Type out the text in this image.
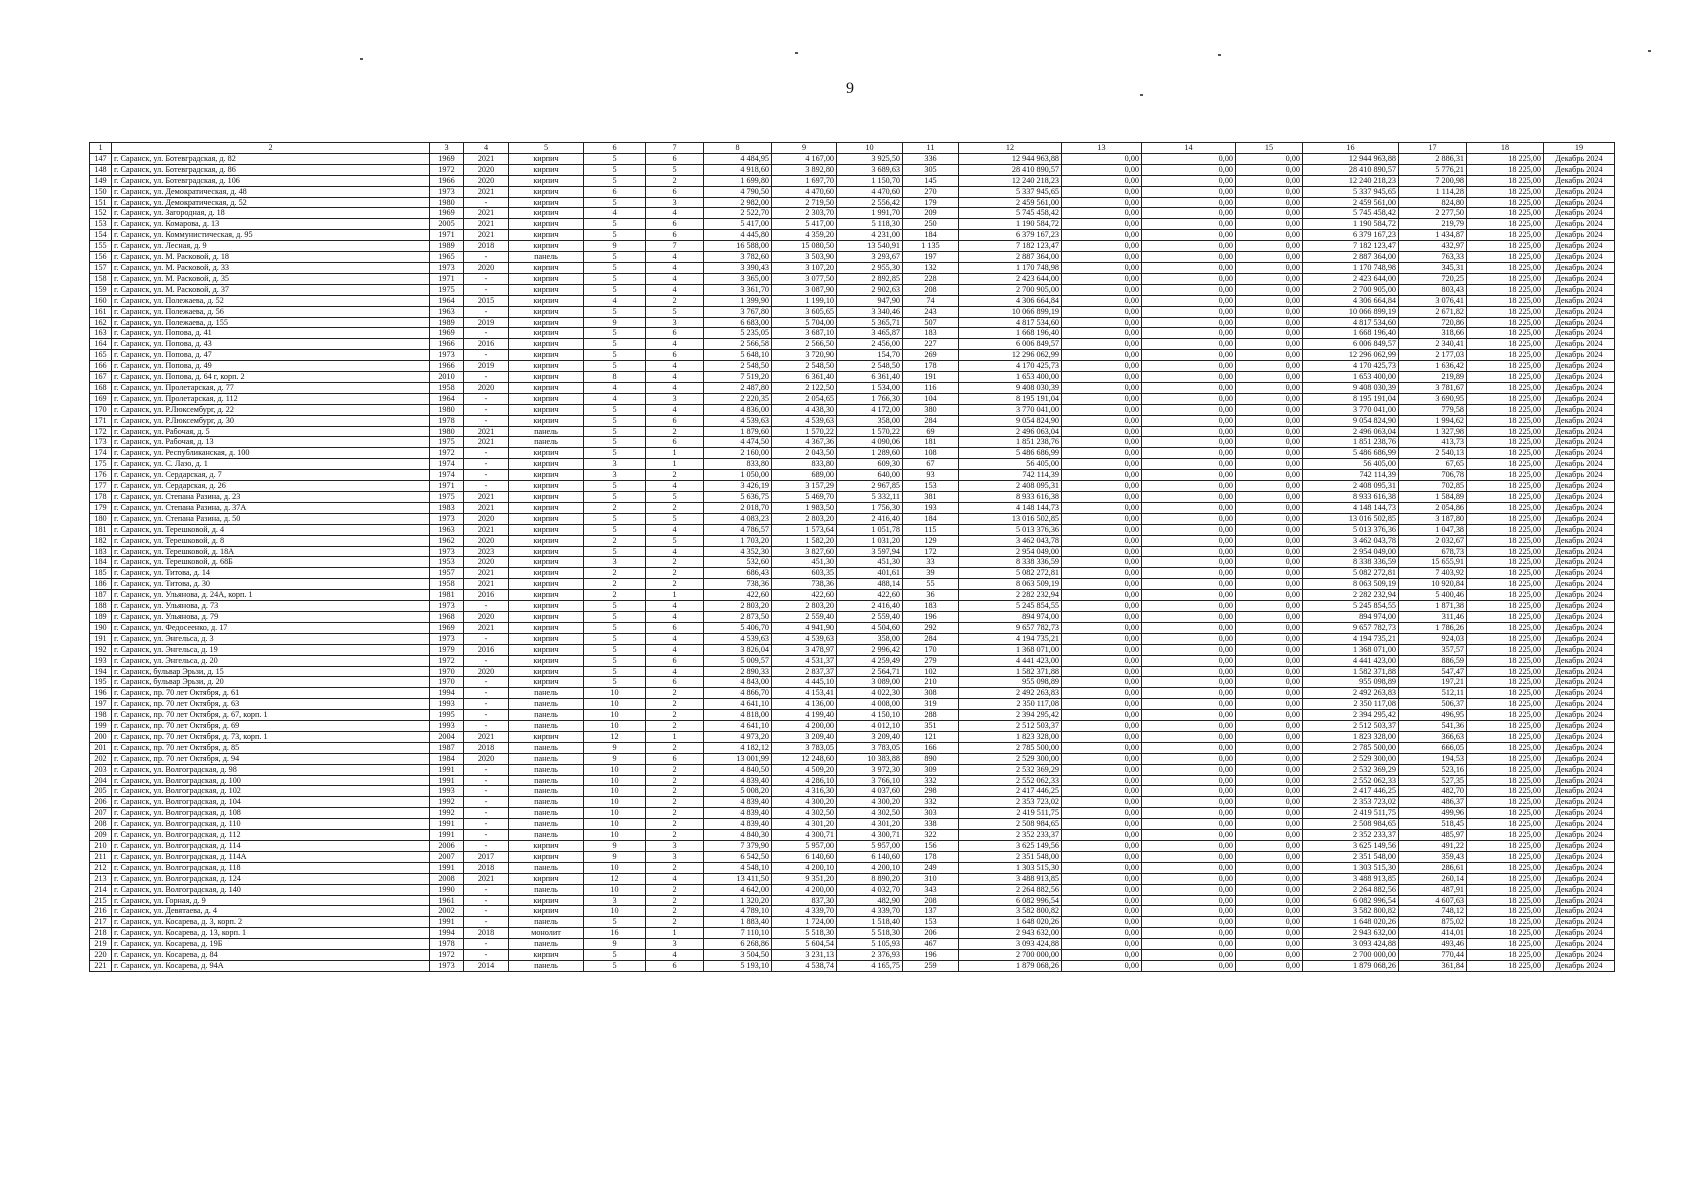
9
1	2	3	4	5	6	7	8	9	10	11	12	13	14	15	16	17	18	19
147	г. Саранск, ул. Ботевградская, д. 82	1969	2021	кирпич	5	6	4 484,95	4 167,00	3 925,50	336	12 944 963,88	0,00	0,00	0,00	12 944 963,88	2 886,31	18 225,00	Декабрь 2024
148	г. Саранск, ул. Ботевградская, д. 86	1972	2020	кирпич	5	5	4 918,60	3 892,80	3 689,63	305	28 410 890,57	0,00	0,00	0,00	28 410 890,57	5 776,21	18 225,00	Декабрь 2024
149	г. Саранск, ул. Ботевградская, д. 106	1966	2020	кирпич	5	2	1 699,80	1 697,70	1 150,70	145	12 240 218,23	0,00	0,00	0,00	12 240 218,23	7 200,98	18 225,00	Декабрь 2024
150	г. Саранск, ул. Демократическая, д. 48	1973	2021	кирпич	6	6	4 790,50	4 470,60	4 470,60	270	5 337 945,65	0,00	0,00	0,00	5 337 945,65	1 114,28	18 225,00	Декабрь 2024
151	г. Саранск, ул. Демократическая, д. 52	1980	-	кирпич	5	3	2 982,00	2 719,50	2 556,42	179	2 459 561,00	0,00	0,00	0,00	2 459 561,00	824,80	18 225,00	Декабрь 2024
152	г. Саранск, ул. Загородная, д. 18	1969	2021	кирпич	4	4	2 522,70	2 303,70	1 991,70	209	5 745 458,42	0,00	0,00	0,00	5 745 458,42	2 277,50	18 225,00	Декабрь 2024
153	г. Саранск, ул. Комарова, д. 13	2005	2021	кирпич	5	6	5 417,00	5 417,00	5 118,30	250	1 190 584,72	0,00	0,00	0,00	1 190 584,72	219,79	18 225,00	Декабрь 2024
154	г. Саранск, ул. Коммунистическая, д. 95	1971	2021	кирпич	5	6	4 445,80	4 359,20	4 231,00	184	6 379 167,23	0,00	0,00	0,00	6 379 167,23	1 434,87	18 225,00	Декабрь 2024
155	г. Саранск, ул. Лесная, д. 9	1989	2018	кирпич	9	7	16 588,00	15 080,50	13 540,91	1 135	7 182 123,47	0,00	0,00	0,00	7 182 123,47	432,97	18 225,00	Декабрь 2024
156	г. Саранск, ул. М. Расковой, д. 18	1965	-	панель	5	4	3 782,60	3 503,90	3 293,67	197	2 887 364,00	0,00	0,00	0,00	2 887 364,00	763,33	18 225,00	Декабрь 2024
157	г. Саранск, ул. М. Расковой, д. 33	1973	2020	кирпич	5	4	3 390,43	3 107,20	2 955,30	132	1 170 748,98	0,00	0,00	0,00	1 170 748,98	345,31	18 225,00	Декабрь 2024
158	г. Саранск, ул. М. Расковой, д. 35	1971	-	кирпич	5	4	3 365,00	3 077,50	2 892,85	228	2 423 644,00	0,00	0,00	0,00	2 423 644,00	720,25	18 225,00	Декабрь 2024
159	г. Саранск, ул. М. Расковой, д. 37	1975	-	кирпич	5	4	3 361,70	3 087,90	2 902,63	208	2 700 905,00	0,00	0,00	0,00	2 700 905,00	803,43	18 225,00	Декабрь 2024
160	г. Саранск, ул. Полежаева, д. 52	1964	2015	кирпич	4	2	1 399,90	1 199,10	947,90	74	4 306 664,84	0,00	0,00	0,00	4 306 664,84	3 076,41	18 225,00	Декабрь 2024
161	г. Саранск, ул. Полежаева, д. 56	1963	-	кирпич	5	5	3 767,80	3 605,65	3 340,46	243	10 066 899,19	0,00	0,00	0,00	10 066 899,19	2 671,82	18 225,00	Декабрь 2024
162	г. Саранск, ул. Полежаева, д. 155	1989	2019	кирпич	9	3	6 683,00	5 704,00	5 365,71	507	4 817 534,60	0,00	0,00	0,00	4 817 534,60	720,86	18 225,00	Декабрь 2024
163	г. Саранск, ул. Попова, д. 41	1969	-	кирпич	5	6	5 235,05	3 687,10	3 465,87	183	1 668 196,40	0,00	0,00	0,00	1 668 196,40	318,66	18 225,00	Декабрь 2024
164	г. Саранск, ул. Попова, д. 43	1966	2016	кирпич	5	4	2 566,58	2 566,50	2 456,00	227	6 006 849,57	0,00	0,00	0,00	6 006 849,57	2 340,41	18 225,00	Декабрь 2024
165	г. Саранск, ул. Попова, д. 47	1973	-	кирпич	5	6	5 648,10	3 720,90	154,70	269	12 296 062,99	0,00	0,00	0,00	12 296 062,99	2 177,03	18 225,00	Декабрь 2024
166	г. Саранск, ул. Попова, д. 49	1966	2019	кирпич	5	4	2 548,50	2 548,50	2 548,50	178	4 170 425,73	0,00	0,00	0,00	4 170 425,73	1 636,42	18 225,00	Декабрь 2024
167	г. Саранск, ул. Попова, д. 64 г, корп. 2	2010	-	кирпич	8	4	7 519,20	6 361,40	6 361,40	191	1 653 400,00	0,00	0,00	0,00	1 653 400,00	219,89	18 225,00	Декабрь 2024
168	г. Саранск, ул. Пролетарская, д. 77	1958	2020	кирпич	4	4	2 487,80	2 122,50	1 534,00	116	9 408 030,39	0,00	0,00	0,00	9 408 030,39	3 781,67	18 225,00	Декабрь 2024
169	г. Саранск, ул. Пролетарская, д. 112	1964	-	кирпич	4	3	2 220,35	2 054,65	1 766,30	104	8 195 191,04	0,00	0,00	0,00	8 195 191,04	3 690,95	18 225,00	Декабрь 2024
170	г. Саранск, ул. Р.Люксембург, д. 22	1980	-	кирпич	5	4	4 836,00	4 438,30	4 172,00	380	3 770 041,00	0,00	0,00	0,00	3 770 041,00	779,58	18 225,00	Декабрь 2024
171	г. Саранск, ул. Р.Люксембург, д. 30	1978	-	кирпич	5	6	4 539,63	4 539,63	358,00	284	9 054 824,90	0,00	0,00	0,00	9 054 824,90	1 994,62	18 225,00	Декабрь 2024
172	г. Саранск, ул. Рабочая, д. 5	1980	2021	панель	5	2	1 879,60	1 570,22	1 570,22	69	2 496 063,04	0,00	0,00	0,00	2 496 063,04	1 327,98	18 225,00	Декабрь 2024
173	г. Саранск, ул. Рабочая, д. 13	1975	2021	панель	5	6	4 474,50	4 367,36	4 090,06	181	1 851 238,76	0,00	0,00	0,00	1 851 238,76	413,73	18 225,00	Декабрь 2024
174	г. Саранск, ул. Республиканская, д. 100	1972	-	кирпич	5	1	2 160,00	2 043,50	1 289,60	108	5 486 686,99	0,00	0,00	0,00	5 486 686,99	2 540,13	18 225,00	Декабрь 2024
175	г. Саранск, ул. С. Лазо, д. 1	1974	-	кирпич	3	1	833,80	833,80	609,30	67	56 405,00	0,00	0,00	0,00	56 405,00	67,65	18 225,00	Декабрь 2024
176	г. Саранск, ул. Сердарская, д. 7	1974	-	кирпич	3	2	1 050,00	689,00	640,00	93	742 114,39	0,00	0,00	0,00	742 114,39	706,78	18 225,00	Декабрь 2024
177	г. Саранск, ул. Сердарская, д. 26	1971	-	кирпич	5	4	3 426,19	3 157,29	2 967,85	153	2 408 095,31	0,00	0,00	0,00	2 408 095,31	702,85	18 225,00	Декабрь 2024
178	г. Саранск, ул. Степана Разина, д. 23	1975	2021	кирпич	5	5	5 636,75	5 469,70	5 332,11	381	8 933 616,38	0,00	0,00	0,00	8 933 616,38	1 584,89	18 225,00	Декабрь 2024
179	г. Саранск, ул. Степана Разина, д. 37А	1983	2021	кирпич	2	2	2 018,70	1 983,50	1 756,30	193	4 148 144,73	0,00	0,00	0,00	4 148 144,73	2 054,86	18 225,00	Декабрь 2024
180	г. Саранск, ул. Степана Разина, д. 50	1973	2020	кирпич	5	5	4 083,23	2 803,20	2 416,40	184	13 016 502,85	0,00	0,00	0,00	13 016 502,85	3 187,80	18 225,00	Декабрь 2024
181	г. Саранск, ул. Терешковой, д. 4	1963	2021	кирпич	5	4	4 786,57	1 573,64	1 051,78	115	5 013 376,36	0,00	0,00	0,00	5 013 376,36	1 047,38	18 225,00	Декабрь 2024
182	г. Саранск, ул. Терешковой, д. 8	1962	2020	кирпич	2	5	1 703,20	1 582,20	1 031,20	129	3 462 043,78	0,00	0,00	0,00	3 462 043,78	2 032,67	18 225,00	Декабрь 2024
183	г. Саранск, ул. Терешковой, д. 18А	1973	2023	кирпич	5	4	4 352,30	3 827,60	3 597,94	172	2 954 049,00	0,00	0,00	0,00	2 954 049,00	678,73	18 225,00	Декабрь 2024
184	г. Саранск, ул. Терешковой, д. 68Б	1953	2020	кирпич	3	2	532,60	451,30	451,30	33	8 338 336,59	0,00	0,00	0,00	8 338 336,59	15 655,91	18 225,00	Декабрь 2024
185	г. Саранск, ул. Титова, д. 14	1957	2021	кирпич	2	2	686,43	603,35	401,61	39	5 082 272,81	0,00	0,00	0,00	5 082 272,81	7 403,92	18 225,00	Декабрь 2024
186	г. Саранск, ул. Титова, д. 30	1958	2021	кирпич	2	2	738,36	738,36	488,14	55	8 063 509,19	0,00	0,00	0,00	8 063 509,19	10 920,84	18 225,00	Декабрь 2024
187	г. Саранск, ул. Ульянова, д. 24А, корп. 1	1981	2016	кирпич	2	1	422,60	422,60	422,60	36	2 282 232,94	0,00	0,00	0,00	2 282 232,94	5 400,46	18 225,00	Декабрь 2024
188	г. Саранск, ул. Ульянова, д. 73	1973	-	кирпич	5	4	2 803,20	2 803,20	2 416,40	183	5 245 854,55	0,00	0,00	0,00	5 245 854,55	1 871,38	18 225,00	Декабрь 2024
189	г. Саранск, ул. Ульянова, д. 79	1968	2020	кирпич	5	4	2 873,50	2 559,40	2 559,40	196	894 974,00	0,00	0,00	0,00	894 974,00	311,46	18 225,00	Декабрь 2024
190	г. Саранск, ул. Федосеенко, д. 17	1969	2021	кирпич	5	6	5 406,70	4 941,90	4 504,60	292	9 657 782,73	0,00	0,00	0,00	9 657 782,73	1 786,26	18 225,00	Декабрь 2024
191	г. Саранск, ул. Энгельса, д. 3	1973	-	кирпич	5	4	4 539,63	4 539,63	358,00	284	4 194 735,21	0,00	0,00	0,00	4 194 735,21	924,03	18 225,00	Декабрь 2024
192	г. Саранск, ул. Энгельса, д. 19	1979	2016	кирпич	5	4	3 826,04	3 478,97	2 996,42	170	1 368 071,00	0,00	0,00	0,00	1 368 071,00	357,57	18 225,00	Декабрь 2024
193	г. Саранск, ул. Энгельса, д. 20	1972	-	кирпич	5	6	5 009,57	4 531,37	4 259,49	279	4 441 423,00	0,00	0,00	0,00	4 441 423,00	886,59	18 225,00	Декабрь 2024
194	г. Саранск, бульвар Эрьзи, д. 15	1970	2020	кирпич	5	4	2 890,33	2 837,37	2 564,71	102	1 582 371,88	0,00	0,00	0,00	1 582 371,88	547,47	18 225,00	Декабрь 2024
195	г. Саранск, бульвар Эрьзи, д. 20	1970	-	кирпич	5	6	4 843,00	4 445,10	3 089,00	210	955 098,89	0,00	0,00	0,00	955 098,89	197,21	18 225,00	Декабрь 2024
196	г. Саранск, пр. 70 лет Октября, д. 61	1994	-	панель	10	2	4 866,70	4 153,41	4 022,30	308	2 492 263,83	0,00	0,00	0,00	2 492 263,83	512,11	18 225,00	Декабрь 2024
197	г. Саранск, пр. 70 лет Октября, д. 63	1993	-	панель	10	2	4 641,10	4 136,00	4 008,00	319	2 350 117,08	0,00	0,00	0,00	2 350 117,08	506,37	18 225,00	Декабрь 2024
198	г. Саранск, пр. 70 лет Октября, д. 67, корп. 1	1995	-	панель	10	2	4 818,00	4 199,40	4 150,10	288	2 394 295,42	0,00	0,00	0,00	2 394 295,42	496,95	18 225,00	Декабрь 2024
199	г. Саранск, пр. 70 лет Октября, д. 69	1993	-	панель	10	2	4 641,10	4 200,00	4 012,10	351	2 512 503,37	0,00	0,00	0,00	2 512 503,37	541,36	18 225,00	Декабрь 2024
200	г. Саранск, пр. 70 лет Октября, д. 73, корп. 1	2004	2021	кирпич	12	1	4 973,20	3 209,40	3 209,40	121	1 823 328,00	0,00	0,00	0,00	1 823 328,00	366,63	18 225,00	Декабрь 2024
201	г. Саранск, пр. 70 лет Октября, д. 85	1987	2018	панель	9	2	4 182,12	3 783,05	3 783,05	166	2 785 500,00	0,00	0,00	0,00	2 785 500,00	666,05	18 225,00	Декабрь 2024
202	г. Саранск, пр. 70 лет Октября, д. 94	1984	2020	панель	9	6	13 001,99	12 248,60	10 383,88	890	2 529 300,00	0,00	0,00	0,00	2 529 300,00	194,53	18 225,00	Декабрь 2024
203	г. Саранск, ул. Волгоградская, д. 98	1991	-	панель	10	2	4 840,50	4 509,20	3 972,30	309	2 532 369,29	0,00	0,00	0,00	2 532 369,29	523,16	18 225,00	Декабрь 2024
204	г. Саранск, ул. Волгоградская, д. 100	1991	-	панель	10	2	4 839,40	4 286,10	3 766,10	332	2 552 062,33	0,00	0,00	0,00	2 552 062,33	527,35	18 225,00	Декабрь 2024
205	г. Саранск, ул. Волгоградская, д. 102	1993	-	панель	10	2	5 008,20	4 316,30	4 037,60	298	2 417 446,25	0,00	0,00	0,00	2 417 446,25	482,70	18 225,00	Декабрь 2024
206	г. Саранск, ул. Волгоградская, д. 104	1992	-	панель	10	2	4 839,40	4 300,20	4 300,20	332	2 353 723,02	0,00	0,00	0,00	2 353 723,02	486,37	18 225,00	Декабрь 2024
207	г. Саранск, ул. Волгоградская, д. 108	1992	-	панель	10	2	4 839,40	4 302,50	4 302,50	303	2 419 511,75	0,00	0,00	0,00	2 419 511,75	499,96	18 225,00	Декабрь 2024
208	г. Саранск, ул. Волгоградская, д. 110	1991	-	панель	10	2	4 839,40	4 301,20	4 301,20	338	2 508 984,65	0,00	0,00	0,00	2 508 984,65	518,45	18 225,00	Декабрь 2024
209	г. Саранск, ул. Волгоградская, д. 112	1991	-	панель	10	2	4 840,30	4 300,71	4 300,71	322	2 352 233,37	0,00	0,00	0,00	2 352 233,37	485,97	18 225,00	Декабрь 2024
210	г. Саранск, ул. Волгоградская, д. 114	2006	-	кирпич	9	3	7 379,90	5 957,00	5 957,00	156	3 625 149,56	0,00	0,00	0,00	3 625 149,56	491,22	18 225,00	Декабрь 2024
211	г. Саранск, ул. Волгоградская, д. 114А	2007	2017	кирпич	9	3	6 542,50	6 140,60	6 140,60	178	2 351 548,00	0,00	0,00	0,00	2 351 548,00	359,43	18 225,00	Декабрь 2024
212	г. Саранск, ул. Волгоградская, д. 118	1991	2018	панель	10	2	4 548,10	4 200,10	4 200,10	249	1 303 515,30	0,00	0,00	0,00	1 303 515,30	286,61	18 225,00	Декабрь 2024
213	г. Саранск, ул. Волгоградская, д. 124	2008	2021	кирпич	12	4	13 411,50	9 351,20	8 890,20	310	3 488 913,85	0,00	0,00	0,00	3 488 913,85	260,14	18 225,00	Декабрь 2024
214	г. Саранск, ул. Волгоградская, д. 140	1990	-	панель	10	2	4 642,00	4 200,00	4 032,70	343	2 264 882,56	0,00	0,00	0,00	2 264 882,56	487,91	18 225,00	Декабрь 2024
215	г. Саранск, ул. Горная, д. 9	1961	-	кирпич	3	2	1 320,20	837,30	482,90	208	6 082 996,54	0,00	0,00	0,00	6 082 996,54	4 607,63	18 225,00	Декабрь 2024
216	г. Саранск, ул. Девятаева, д. 4	2002	-	кирпич	10	2	4 789,10	4 339,70	4 339,70	137	3 582 800,82	0,00	0,00	0,00	3 582 800,82	748,12	18 225,00	Декабрь 2024
217	г. Саранск, ул. Косарева, д. 3, корп. 2	1991	-	панель	5	2	1 883,40	1 724,00	1 518,40	153	1 648 020,26	0,00	0,00	0,00	1 648 020,26	875,02	18 225,00	Декабрь 2024
218	г. Саранск, ул. Косарева, д. 13, корп. 1	1994	2018	монолит	16	1	7 110,10	5 518,30	5 518,30	206	2 943 632,00	0,00	0,00	0,00	2 943 632,00	414,01	18 225,00	Декабрь 2024
219	г. Саранск, ул. Косарева, д. 19Б	1978	-	панель	9	3	6 268,86	5 604,54	5 105,93	467	3 093 424,88	0,00	0,00	0,00	3 093 424,88	493,46	18 225,00	Декабрь 2024
220	г. Саранск, ул. Косарева, д. 84	1972	-	кирпич	5	4	3 504,50	3 231,13	2 376,93	196	2 700 000,00	0,00	0,00	0,00	2 700 000,00	770,44	18 225,00	Декабрь 2024
221	г. Саранск, ул. Косарева, д. 94А	1973	2014	панель	5	6	5 193,10	4 538,74	4 165,75	259	1 879 068,26	0,00	0,00	0,00	1 879 068,26	361,84	18 225,00	Декабрь 2024
